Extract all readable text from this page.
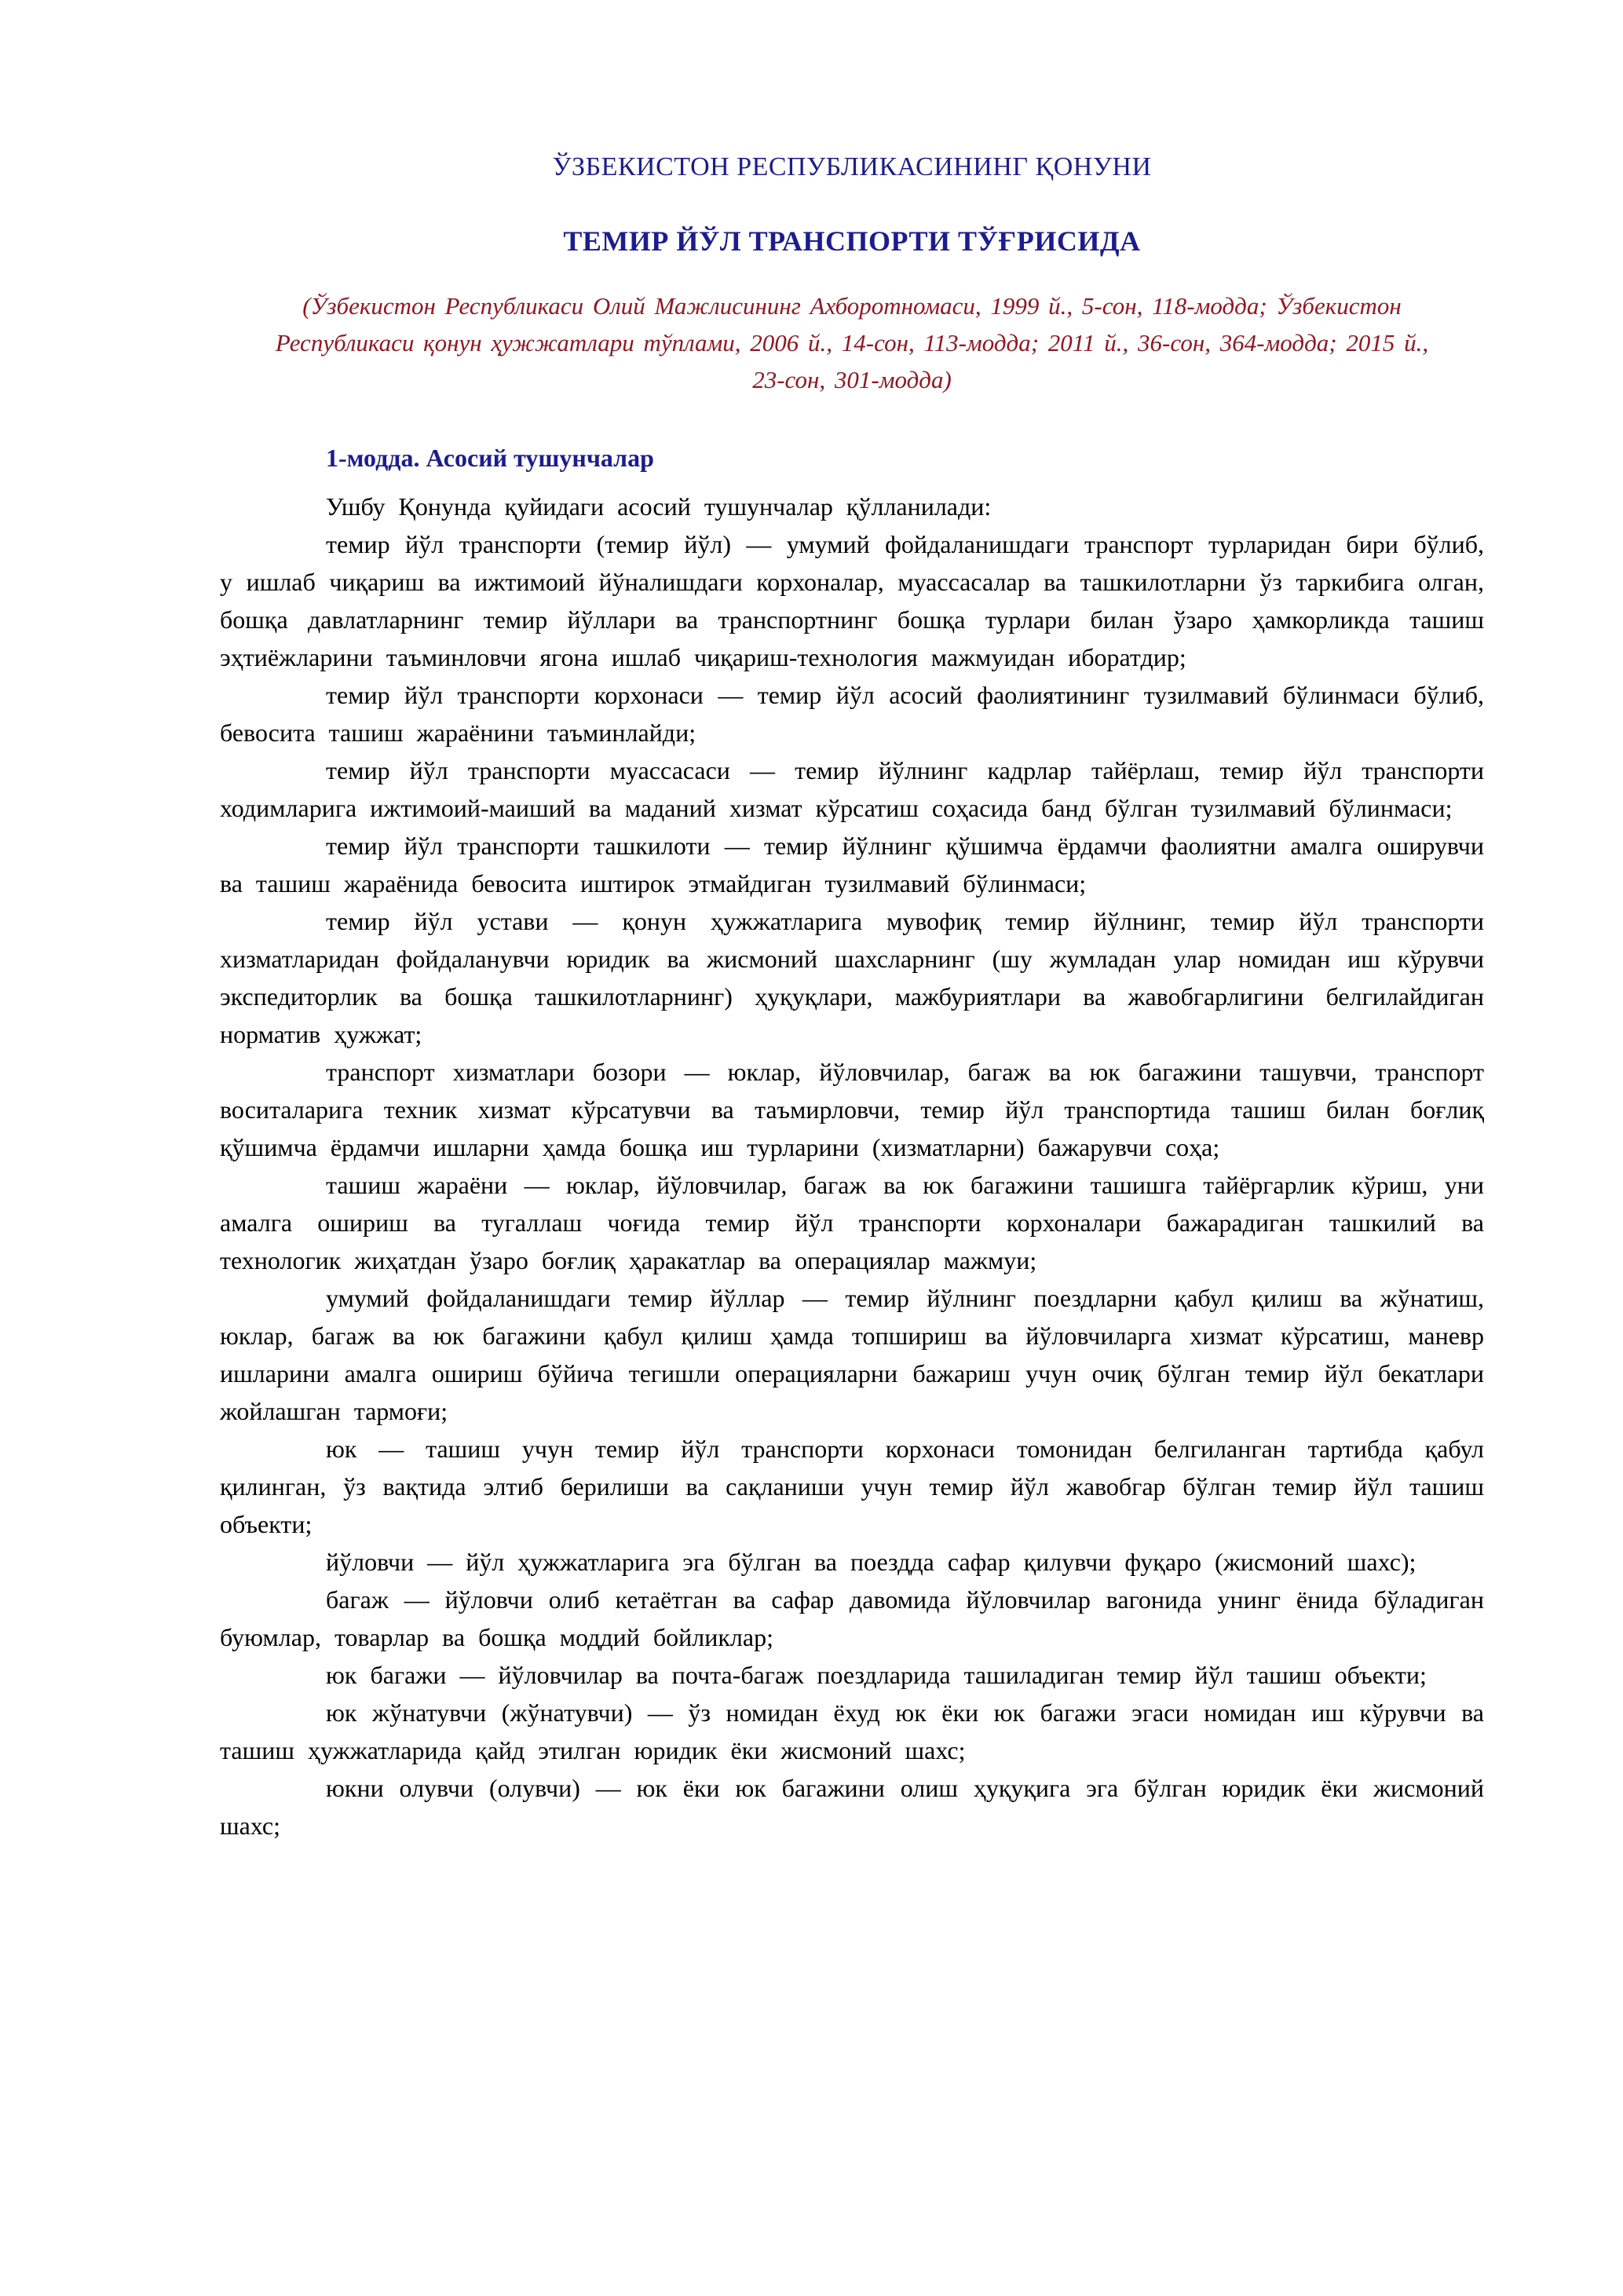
ЎЗБЕКИСТОН РЕСПУБЛИКАСИНИНГ ҚОНУНИ

ТЕМИР ЙЎЛ ТРАНСПОРТИ ТЎҒРИСИДА

(Ўзбекистон Республикаси Олий Мажлисининг Ахборотномаси, 1999 й., 5-сон, 118-модда; Ўзбекистон Республикаси қонун ҳужжатлари тўплами, 2006 й., 14-сон, 113-модда; 2011 й., 36-сон, 364-модда; 2015 й., 23-сон, 301-модда)

1-модда. Асосий тушунчалар

Ушбу Қонунда қуйидаги асосий тушунчалар қўлланилади:

темир йўл транспорти (темир йўл) — умумий фойдаланишдаги транспорт турларидан бири бўлиб, у ишлаб чиқариш ва ижтимоий йўналишдаги корхоналар, муассасалар ва ташкилотларни ўз таркибига олган, бошқа давлатларнинг темир йўллари ва транспортнинг бошқа турлари билан ўзаро ҳамкорликда ташиш эҳтиёжларини таъминловчи ягона ишлаб чиқариш-технология мажмуидан иборатдир;

темир йўл транспорти корхонаси — темир йўл асосий фаолиятининг тузилмавий бўлинмаси бўлиб, бевосита ташиш жараёнини таъминлайди;

темир йўл транспорти муассасаси — темир йўлнинг кадрлар тайёрлаш, темир йўл транспорти ходимларига ижтимоий-маиший ва маданий хизмат кўрсатиш соҳасида банд бўлган тузилмавий бўлинмаси;

темир йўл транспорти ташкилоти — темир йўлнинг қўшимча ёрдамчи фаолиятни амалга оширувчи ва ташиш жараёнида бевосита иштирок этмайдиган тузилмавий бўлинмаси;

темир йўл устави — қонун ҳужжатларига мувофиқ темир йўлнинг, темир йўл транспорти хизматларидан фойдаланувчи юридик ва жисмоний шахсларнинг (шу жумладан улар номидан иш кўрувчи экспедиторлик ва бошқа ташкилотларнинг) ҳуқуқлари, мажбуриятлари ва жавобгарлигини белгилайдиган норматив ҳужжат;

транспорт хизматлари бозори — юклар, йўловчилар, багаж ва юк багажини ташувчи, транспорт воситаларига техник хизмат кўрсатувчи ва таъмирловчи, темир йўл транспортида ташиш билан боғлиқ қўшимча ёрдамчи ишларни ҳамда бошқа иш турларини (хизматларни) бажарувчи соҳа;

ташиш жараёни — юклар, йўловчилар, багаж ва юк багажини ташишга тайёргарлик кўриш, уни амалга ошириш ва тугаллаш чоғида темир йўл транспорти корхоналари бажарадиган ташкилий ва технологик жиҳатдан ўзаро боғлиқ ҳаракатлар ва операциялар мажмуи;

умумий фойдаланишдаги темир йўллар — темир йўлнинг поездларни қабул қилиш ва жўнатиш, юклар, багаж ва юк багажини қабул қилиш ҳамда топшириш ва йўловчиларга хизмат кўрсатиш, маневр ишларини амалга ошириш бўйича тегишли операцияларни бажариш учун очиқ бўлган темир йўл бекатлари жойлашган тармоғи;

юк — ташиш учун темир йўл транспорти корхонаси томонидан белгиланган тартибда қабул қилинган, ўз вақтида элтиб берилиши ва сақланиши учун темир йўл жавобгар бўлган темир йўл ташиш объекти;

йўловчи — йўл ҳужжатларига эга бўлган ва поездда сафар қилувчи фуқаро (жисмоний шахс);

багаж — йўловчи олиб кетаётган ва сафар давомида йўловчилар вагонида унинг ёнида бўладиган буюмлар, товарлар ва бошқа моддий бойликлар;

юк багажи — йўловчилар ва почта-багаж поездларида ташиладиган темир йўл ташиш объекти;

юк жўнатувчи (жўнатувчи) — ўз номидан ёхуд юк ёки юк багажи эгаси номидан иш кўрувчи ва ташиш ҳужжатларида қайд этилган юридик ёки жисмоний шахс;

юкни олувчи (олувчи) — юк ёки юк багажини олиш ҳуқуқига эга бўлган юридик ёки жисмоний шахс;
